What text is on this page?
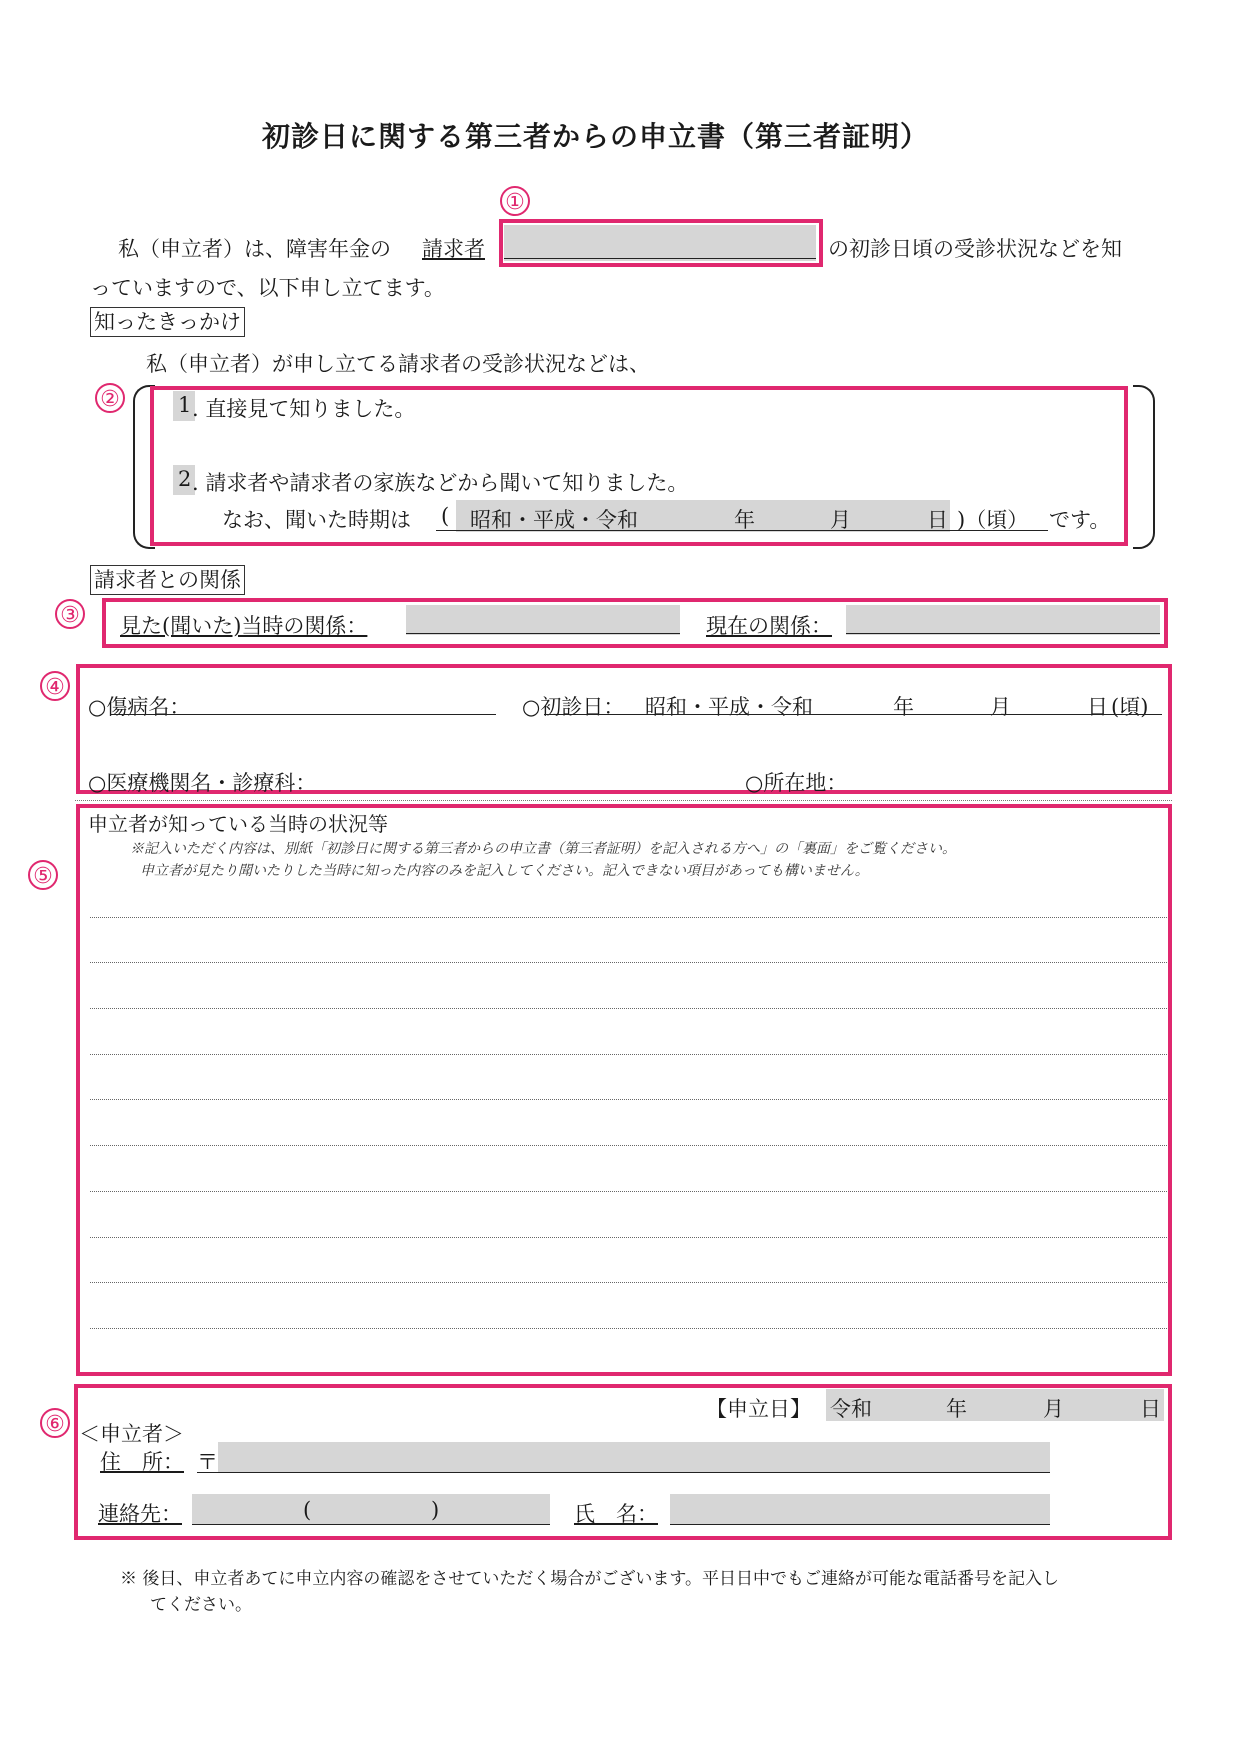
初診日に関する第三者からの申立書（第三者証明）
①
私（申立者）は、障害年金の 請求者	の初診日頃の受診状況などを知
っていますので、以下申し立てます。
知ったきっかけ
私（申立者）が申し立てる請求者の受診状況などは、
②	1 . 直接見て知りました。
2 . 請求者や請求者の家族などから聞いて知りました。
なお、聞いた時期は ( 昭和・平成・令和	年	月	日 )（頃） です。
請求者との関係
③ 見た(聞いた)当時の関係：	現在の関係：
④
○傷病名：	○初診日： 昭和・平成・令和	年	月	日 (頃)
○医療機関名・診療科：	○所在地：
⑤
申立者が知っている当時の状況等
※記入いただく内容は、別紙「初診日に関する第三者からの申立書（第三者証明）を記入される方へ」の「裏面」をご覧ください。
申立者が見たり聞いたりした当時に知った内容のみを記入してください。記入できない項目があっても構いません。
⑥
【申立日】 令和	年	月	日
＜申立者＞
住　所： 〒
連絡先：	(	)	氏　名：
※ 後日、申立者あてに申立内容の確認をさせていただく場合がございます。平日日中でもご連絡が可能な電話番号を記入し
てください。
